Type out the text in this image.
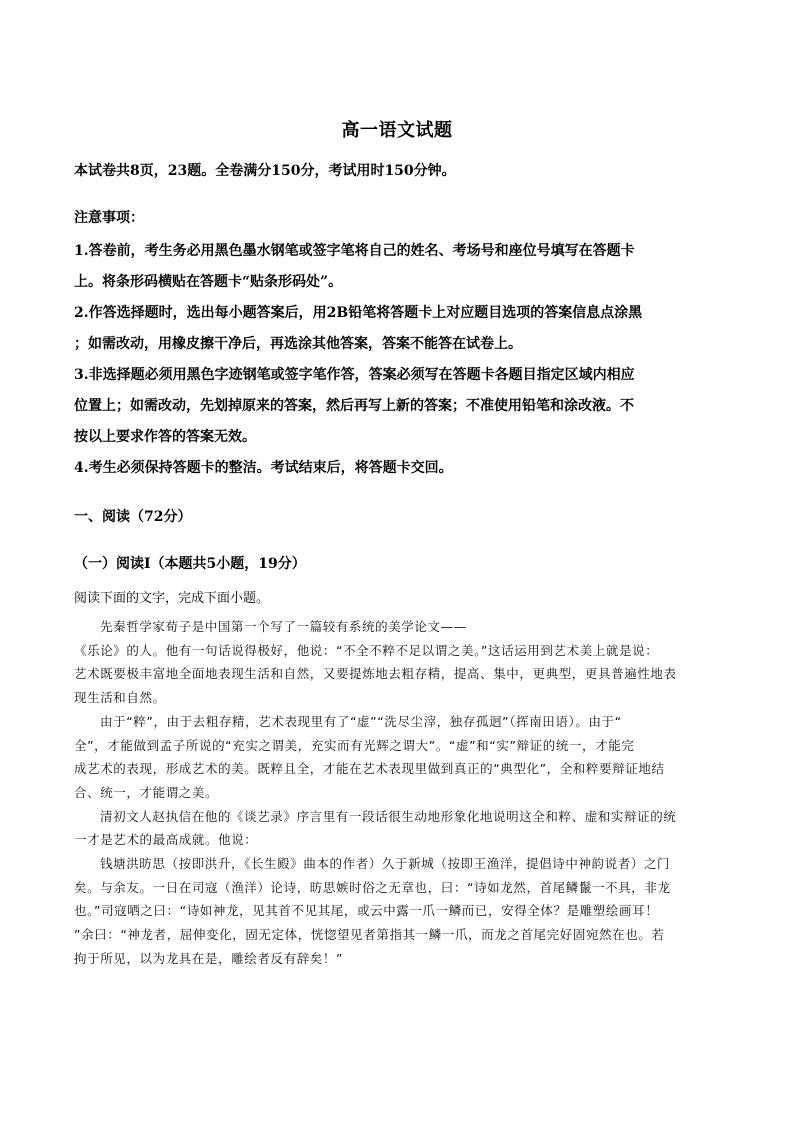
高一语文试题
本试卷共8页，23题。全卷满分150分，考试用时150分钟。
注意事项：

1.答卷前，考生务必用黑色墨水钢笔或签字笔将自己的姓名、考场号和座位号填写在答题卡

上。将条形码横贴在答题卡“贴条形码处”。

2.作答选择题时，选出每小题答案后，用2B铅笔将答题卡上对应题目选项的答案信息点涂黑

；如需改动，用橡皮擦干净后，再选涂其他答案，答案不能答在试卷上。

3.非选择题必须用黑色字迹钢笔或签字笔作答，答案必须写在答题卡各题目指定区域内相应

位置上；如需改动，先划掉原来的答案，然后再写上新的答案；不准使用铅笔和涂改液。不

按以上要求作答的答案无效。

4.考生必须保持答题卡的整洁。考试结束后，将答题卡交回。

一、阅读（72分）
（一）阅读Ⅰ（本题共5小题，19分）
阅读下面的文字，完成下面小题。
先秦哲学家荀子是中国第一个写了一篇较有系统的美学论文——
《乐论》的人。他有一句话说得极好，他说：“不全不粹不足以谓之美。”这话运用到艺术美上就是说：
艺术既要极丰富地全面地表现生活和自然，又要提炼地去粗存精，提高、集中，更典型，更具普遍性地表
现生活和自然。
由于“粹”，由于去粗存精，艺术表现里有了“虚”“洗尽尘滓，独存孤迥”（挥南田语）。由于“
全”，才能做到孟子所说的“充实之谓美，充实而有光辉之谓大”。“虚”和“实”辩证的统一，才能完
成艺术的表现，形成艺术的美。既粹且全，才能在艺术表现里做到真正的“典型化”，全和粹要辩证地结
合、统一，才能谓之美。
清初文人赵执信在他的《谈艺录》序言里有一段话很生动地形象化地说明这全和粹、虚和实辩证的统
一才是艺术的最高成就。他说：
钱塘洪昉思（按即洪升，《长生殿》曲本的作者）久于新城（按即王渔洋，提倡诗中神韵说者）之门
矣。与余友。一日在司寇（渔洋）论诗，昉思嫉时俗之无章也，曰：“诗如龙然，首尾鳞鬣一不具，非龙
也。”司寇哂之曰：“诗如神龙，见其首不见其尾，或云中露一爪一鳞而已，安得全体？是雕塑绘画耳！
”余曰：“神龙者，屈伸变化，固无定体，恍惚望见者第指其一鳞一爪，而龙之首尾完好固宛然在也。若
拘于所见，以为龙具在是，雕绘者反有辞矣！”
